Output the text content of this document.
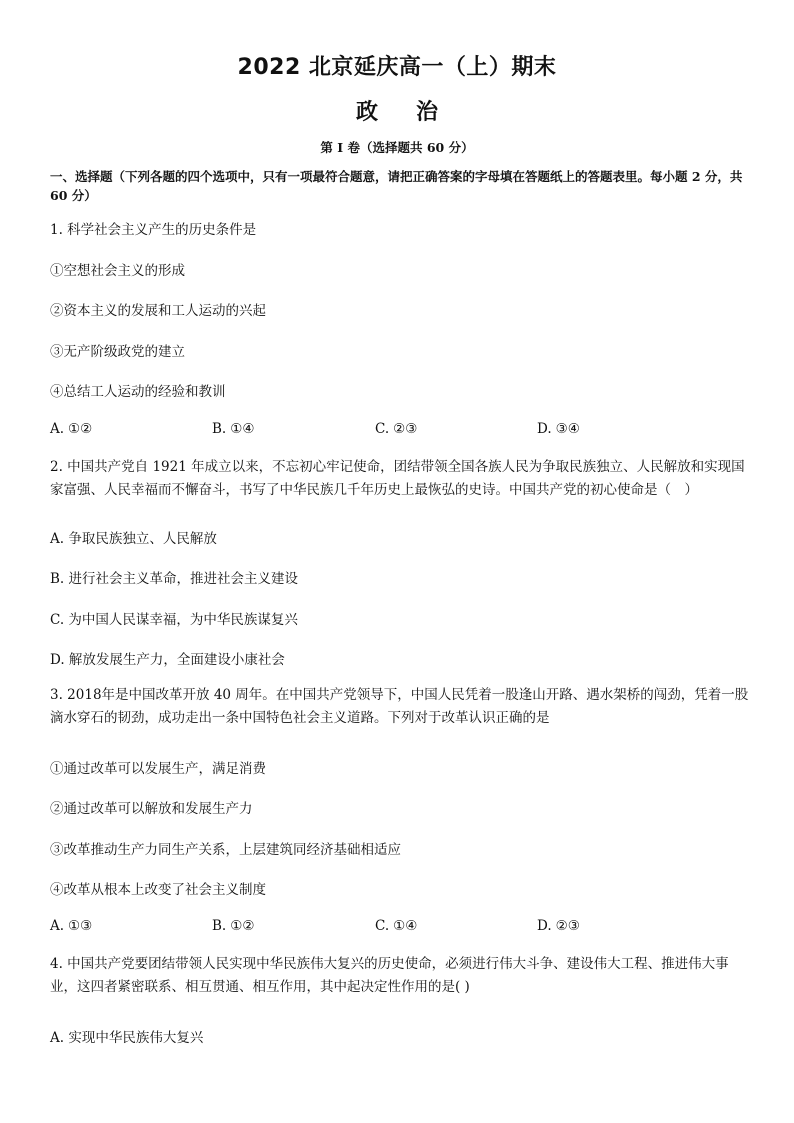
2022 北京延庆高一（上）期末
政治
第 I 卷（选择题共 60 分）
一、选择题（下列各题的四个选项中，只有一项最符合题意，请把正确答案的字母填在答题纸上的答题表里。每小题 2 分，共 60 分）
1. 科学社会主义产生的历史条件是
①空想社会主义的形成
②资本主义的发展和工人运动的兴起
③无产阶级政党的建立
④总结工人运动的经验和教训
A. ①②	B. ①④	C. ②③	D. ③④
2. 中国共产党自 1921 年成立以来，不忘初心牢记使命，团结带领全国各族人民为争取民族独立、人民解放和实现国家富强、人民幸福而不懈奋斗，书写了中华民族几千年历史上最恢弘的史诗。中国共产党的初心使命是（　）
A. 争取民族独立、人民解放
B. 进行社会主义革命，推进社会主义建设
C. 为中国人民谋幸福，为中华民族谋复兴
D. 解放发展生产力，全面建设小康社会
3. 2018年是中国改革开放 40 周年。在中国共产党领导下，中国人民凭着一股逢山开路、遇水架桥的闯劲，凭着一股滴水穿石的韧劲，成功走出一条中国特色社会主义道路。下列对于改革认识正确的是
①通过改革可以发展生产，满足消费
②通过改革可以解放和发展生产力
③改革推动生产力同生产关系，上层建筑同经济基础相适应
④改革从根本上改变了社会主义制度
A. ①③	B. ①②	C. ①④	D. ②③
4. 中国共产党要团结带领人民实现中华民族伟大复兴的历史使命，必须进行伟大斗争、建设伟大工程、推进伟大事业，这四者紧密联系、相互贯通、相互作用，其中起决定性作用的是( )
A. 实现中华民族伟大复兴
